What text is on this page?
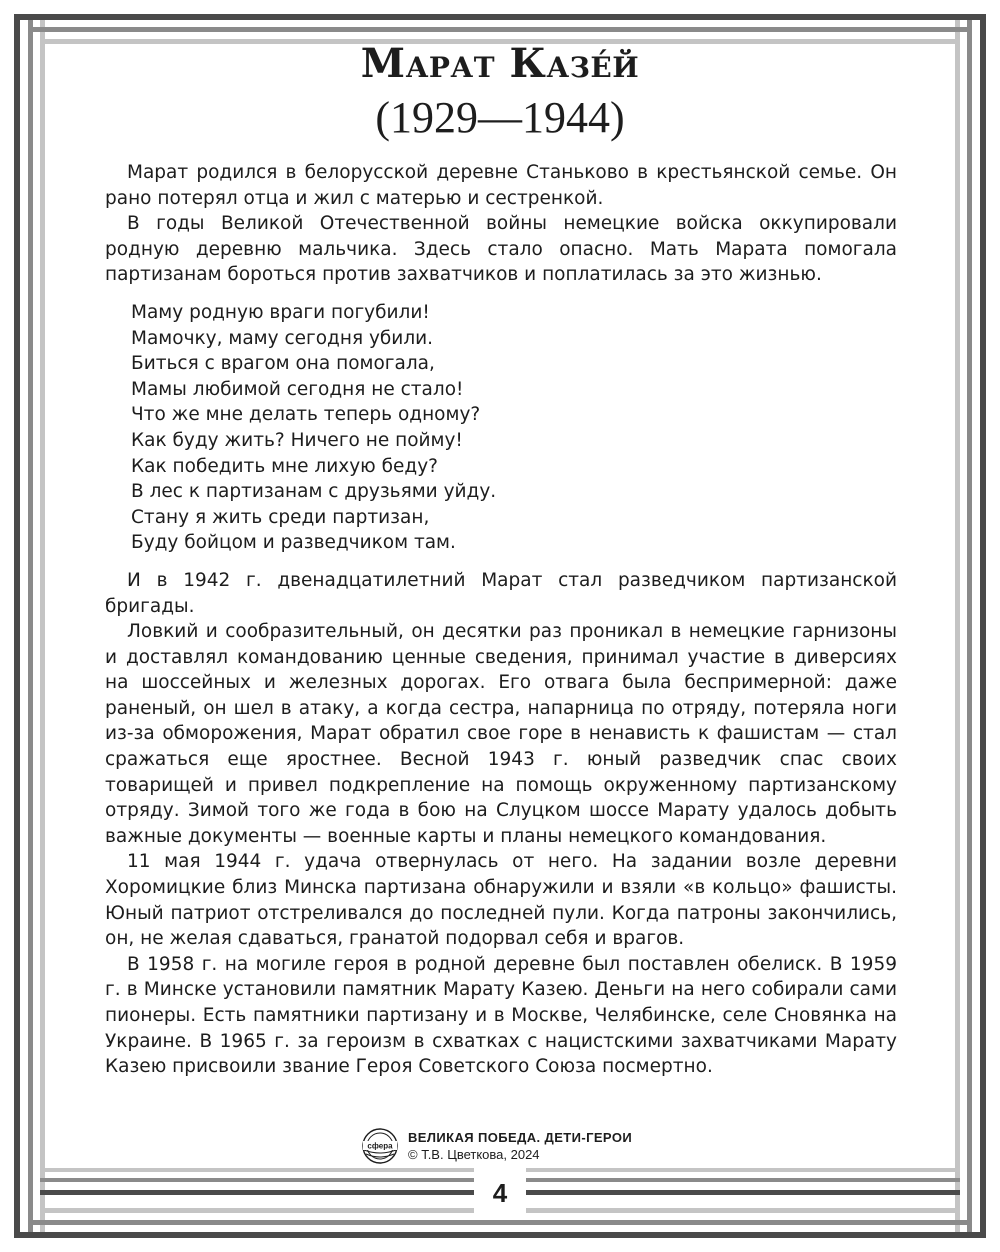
Марат Казе́й
(1929—1944)

Марат родился в белорусской деревне Станьково в крестьянской семье. Он рано потерял отца и жил с матерью и сестренкой.

В годы Великой Отечественной войны немецкие войска оккупировали родную деревню мальчика. Здесь стало опасно. Мать Марата помогала партизанам бороться против захватчиков и поплатилась за это жизнью.

Маму родную враги погубили!
Мамочку, маму сегодня убили.
Биться с врагом она помогала,
Мамы любимой сегодня не стало!
Что же мне делать теперь одному?
Как буду жить? Ничего не пойму!
Как победить мне лихую беду?
В лес к партизанам с друзьями уйду.
Стану я жить среди партизан,
Буду бойцом и разведчиком там.

И в 1942 г. двенадцатилетний Марат стал разведчиком партизанской бригады.

Ловкий и сообразительный, он десятки раз проникал в немецкие гарнизоны и доставлял командованию ценные сведения, принимал участие в диверсиях на шоссейных и железных дорогах. Его отвага была беспримерной: даже раненый, он шел в атаку, а когда сестра, напарница по отряду, потеряла ноги из-за обморожения, Марат обратил свое горе в ненависть к фашистам — стал сражаться еще яростнее. Весной 1943 г. юный разведчик спас своих товарищей и привел подкрепление на помощь окруженному партизанскому отряду. Зимой того же года в бою на Слуцком шоссе Марату удалось добыть важные документы — военные карты и планы немецкого командования.

11 мая 1944 г. удача отвернулась от него. На задании возле деревни Хоромицкие близ Минска партизана обнаружили и взяли «в кольцо» фашисты. Юный патриот отстреливался до последней пули. Когда патроны закончились, он, не желая сдаваться, гранатой подорвал себя и врагов.

В 1958 г. на могиле героя в родной деревне был поставлен обелиск. В 1959 г. в Минске установили памятник Марату Казею. Деньги на него собирали сами пионеры. Есть памятники партизану и в Москве, Челябинске, селе Сновянка на Украине. В 1965 г. за героизм в схватках с нацистскими захватчиками Марату Казею присвоили звание Героя Советского Союза посмертно.

сфера
ВЕЛИКАЯ ПОБЕДА. ДЕТИ-ГЕРОИ
© Т.В. Цветкова, 2024
4
